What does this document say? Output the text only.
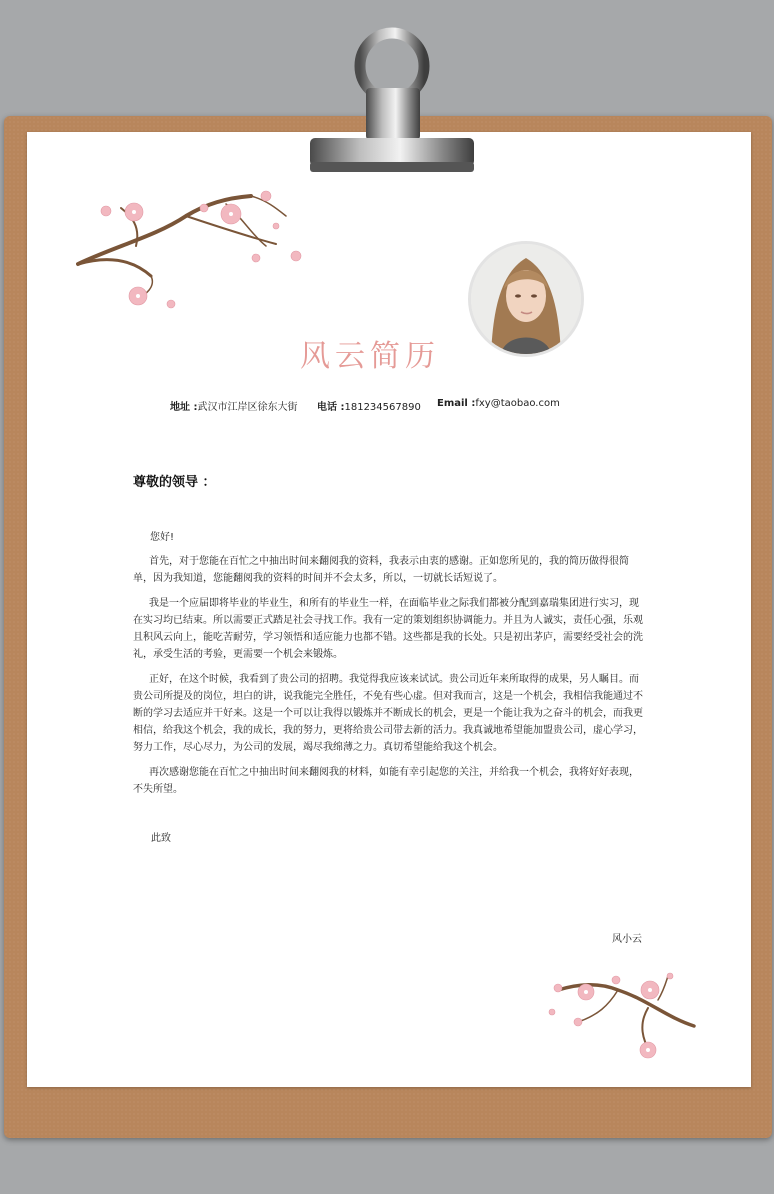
风云简历
地址 :武汉市江岸区徐东大街 电话 :181234567890 Email :fxy@taobao.com
尊敬的领导 ：
您好!

首先，对于您能在百忙之中抽出时间来翻阅我的资料，我表示由衷的感谢。正如您所见的，我的简历做得很简单，因为我知道，您能翻阅我的资料的时间并不会太多，所以，一切就长话短说了。

我是一个应届即将毕业的毕业生，和所有的毕业生一样，在面临毕业之际我们都被分配到嘉瑞集团进行实习，现在实习均已结束。所以需要正式踏足社会寻找工作。我有一定的策划组织协调能力。并且为人诚实，责任心强，乐观且积风云向上，能吃苦耐劳，学习领悟和适应能力也都不错。这些都是我的长处。只是初出茅庐，需要经受社会的洗礼，承受生活的考验，更需要一个机会来锻炼。

正好，在这个时候，我看到了贵公司的招聘。我觉得我应该来试试。贵公司近年来所取得的成果，另人瞩目。而贵公司所提及的岗位，坦白的讲，说我能完全胜任，不免有些心虚。但对我而言，这是一个机会，我相信我能通过不断的学习去适应并干好来。这是一个可以让我得以锻炼并不断成长的机会，更是一个能让我为之奋斗的机会，而我更相信，给我这个机会，我的成长，我的努力，更将给贵公司带去新的活力。我真诚地希望能加盟贵公司，虚心学习，努力工作，尽心尽力，为公司的发展，竭尽我绵薄之力。真切希望能给我这个机会。

再次感谢您能在百忙之中抽出时间来翻阅我的材料，如能有幸引起您的关注，并给我一个机会，我将好好表现，不失所望。

此致
风小云
